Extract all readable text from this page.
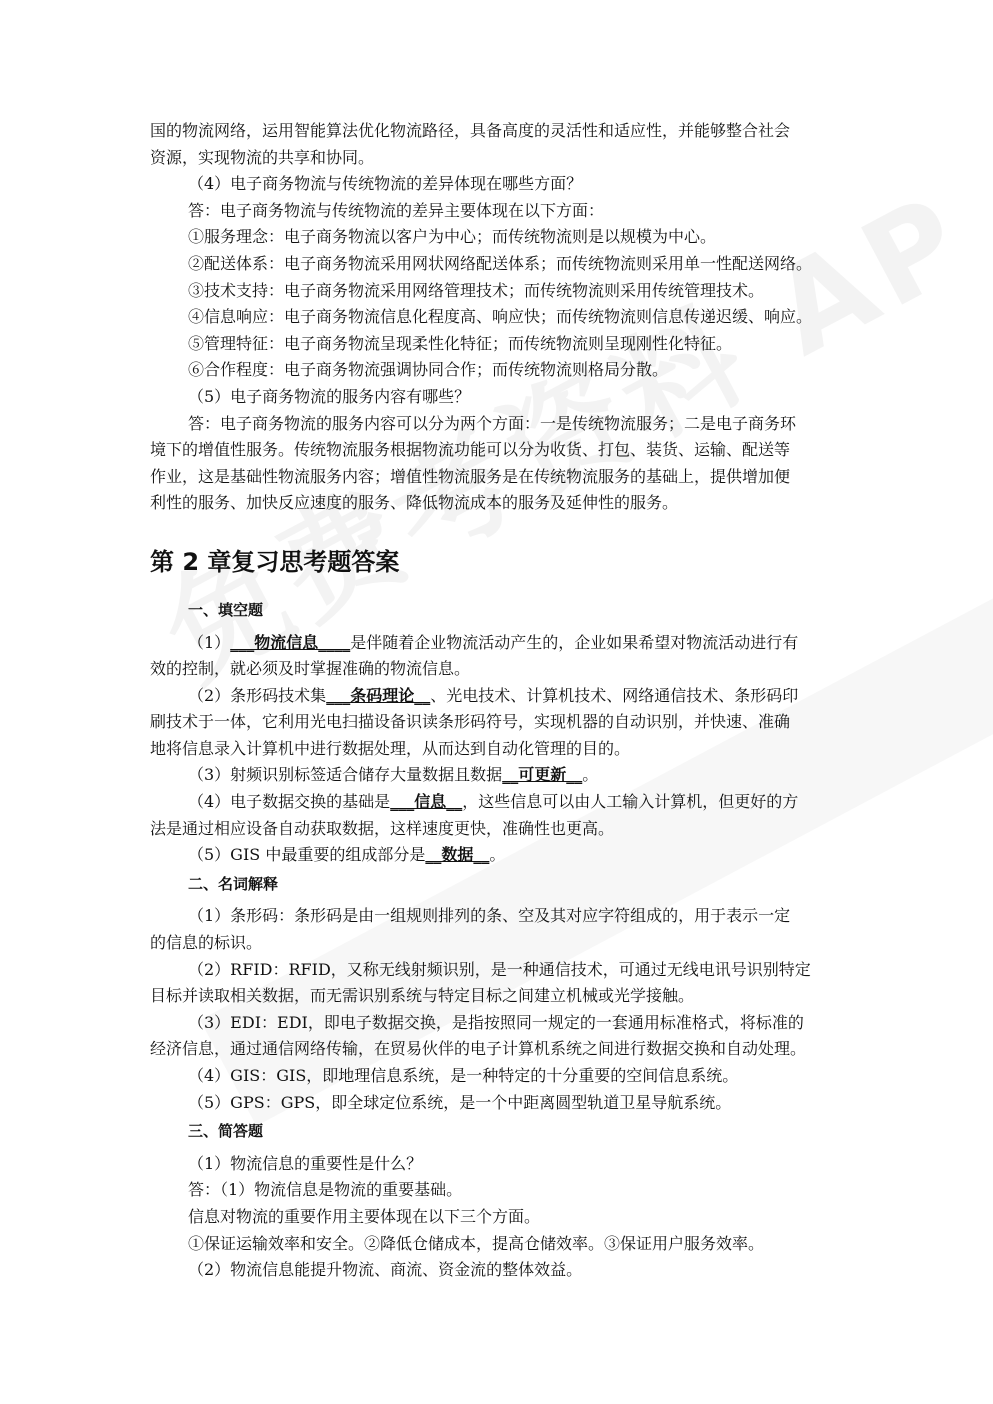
国的物流网络，运用智能算法优化物流路径，具备高度的灵活性和适应性，并能够整合社会

资源，实现物流的共享和协同。

（4）电子商务物流与传统物流的差异体现在哪些方面？

答：电子商务物流与传统物流的差异主要体现在以下方面：

①服务理念：电子商务物流以客户为中心；而传统物流则是以规模为中心。

②配送体系：电子商务物流采用网状网络配送体系；而传统物流则采用单一性配送网络。

③技术支持：电子商务物流采用网络管理技术；而传统物流则采用传统管理技术。

④信息响应：电子商务物流信息化程度高、响应快；而传统物流则信息传递迟缓、响应。

⑤管理特征：电子商务物流呈现柔性化特征；而传统物流则呈现刚性化特征。

⑥合作程度：电子商务物流强调协同合作；而传统物流则格局分散。

（5）电子商务物流的服务内容有哪些？

答：电子商务物流的服务内容可以分为两个方面：一是传统物流服务；二是电子商务环

境下的增值性服务。传统物流服务根据物流功能可以分为收货、打包、装货、运输、配送等

作业，这是基础性物流服务内容；增值性物流服务是在传统物流服务的基础上，提供增加便

利性的服务、加快反应速度的服务、降低物流成本的服务及延伸性的服务。

第 2 章复习思考题答案
一、填空题

（1）___物流信息____是伴随着企业物流活动产生的，企业如果希望对物流活动进行有

效的控制，就必须及时掌握准确的物流信息。

（2）条形码技术集___条码理论__、光电技术、计算机技术、网络通信技术、条形码印

刷技术于一体，它利用光电扫描设备识读条形码符号，实现机器的自动识别，并快速、准确

地将信息录入计算机中进行数据处理，从而达到自动化管理的目的。

（3）射频识别标签适合储存大量数据且数据__可更新__。

（4）电子数据交换的基础是___信息__，这些信息可以由人工输入计算机，但更好的方

法是通过相应设备自动获取数据，这样速度更快，准确性也更高。

（5）GIS 中最重要的组成部分是__数据__。

二、名词解释

（1）条形码：条形码是由一组规则排列的条、空及其对应字符组成的，用于表示一定

的信息的标识。

（2）RFID：RFID，又称无线射频识别，是一种通信技术，可通过无线电讯号识别特定

目标并读取相关数据，而无需识别系统与特定目标之间建立机械或光学接触。

（3）EDI：EDI，即电子数据交换，是指按照同一规定的一套通用标准格式，将标准的

经济信息，通过通信网络传输，在贸易伙伴的电子计算机系统之间进行数据交换和自动处理。

（4）GIS：GIS，即地理信息系统，是一种特定的十分重要的空间信息系统。

（5）GPS：GPS，即全球定位系统，是一个中距离圆型轨道卫星导航系统。

三、简答题

（1）物流信息的重要性是什么？

答：（1）物流信息是物流的重要基础。

信息对物流的重要作用主要体现在以下三个方面。

①保证运输效率和安全。②降低仓储成本，提高仓储效率。③保证用户服务效率。

（2）物流信息能提升物流、商流、资金流的整体效益。
